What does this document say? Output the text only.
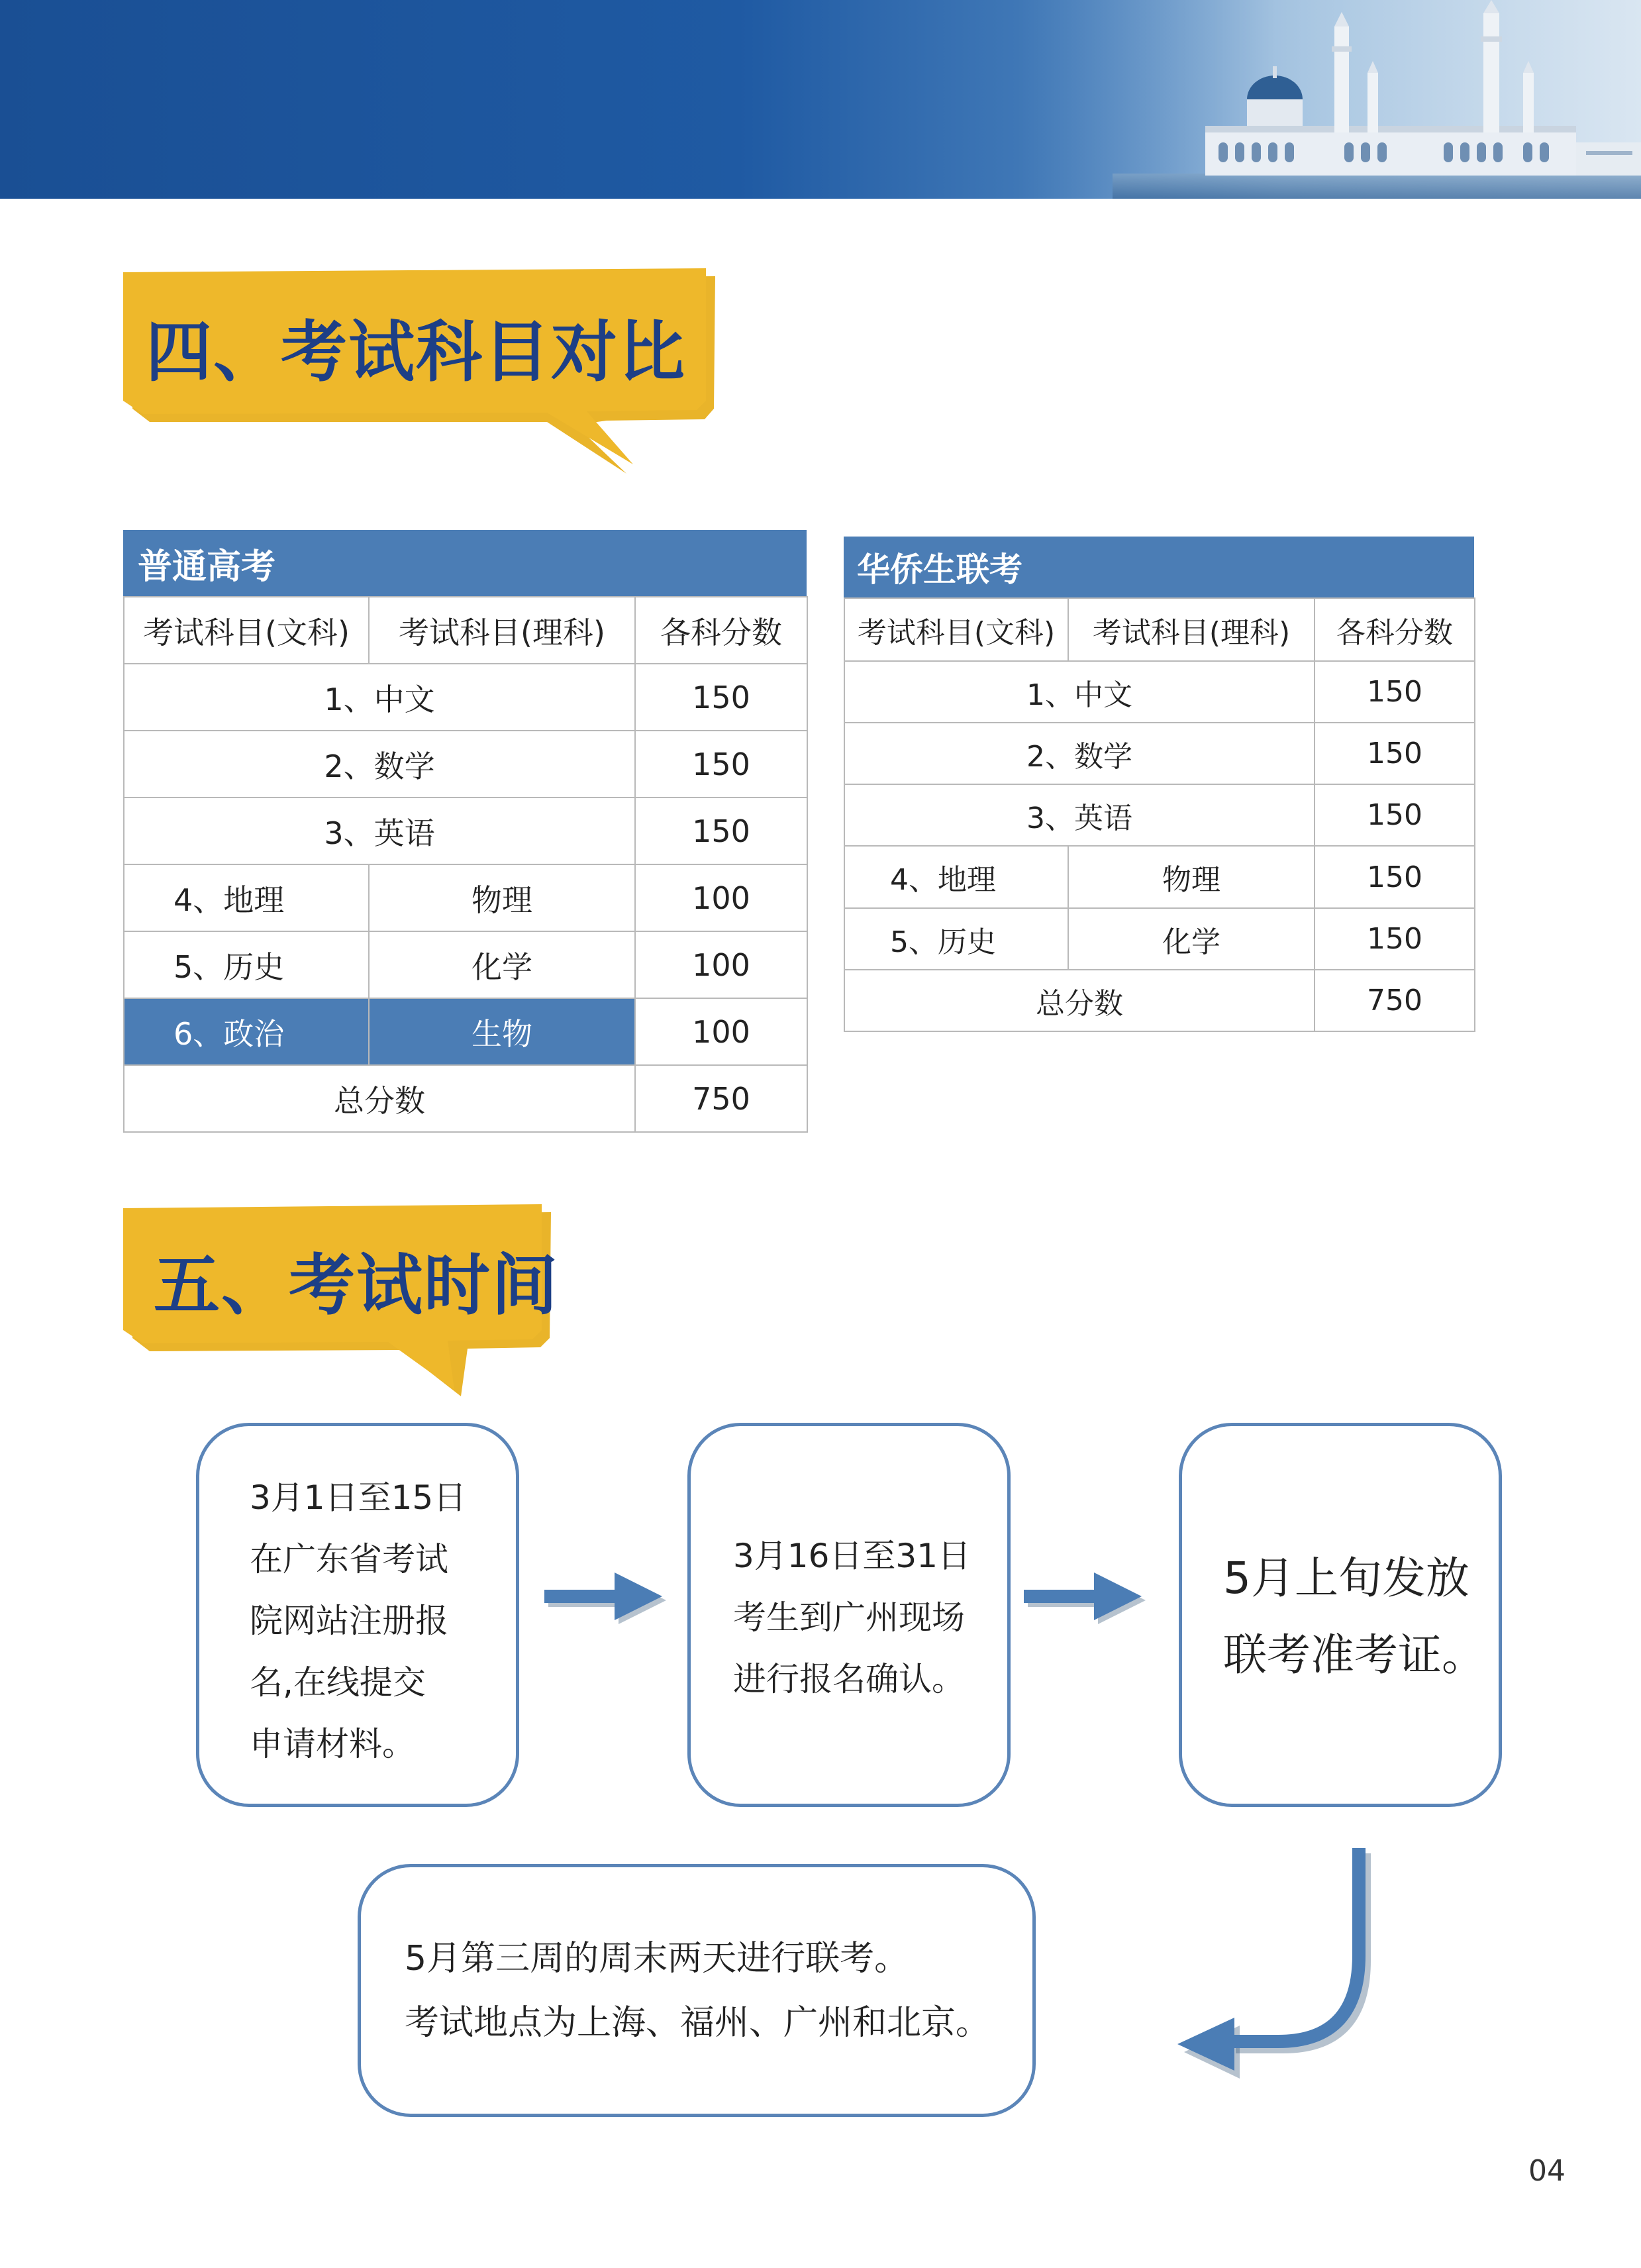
四、考试科目对比
普通高考
考试科目(文科)	考试科目(理科)	各科分数
1、中文		150
2、数学		150
3、英语		150
4、地理	物理	100
5、历史	化学	100
6、政治	生物	100
总分数		750
华侨生联考
考试科目(文科)	考试科目(理科)	各科分数
1、中文		150
2、数学		150
3、英语		150
4、地理	物理	150
5、历史	化学	150
总分数		750
五、考试时间
3月1日至15日
在广东省考试
院网站注册报
名,在线提交
申请材料。
3月16日至31日
考生到广州现场
进行报名确认。
5月上旬发放
联考准考证。
5月第三周的周末两天进行联考。
考试地点为上海、福州、广州和北京。
04
